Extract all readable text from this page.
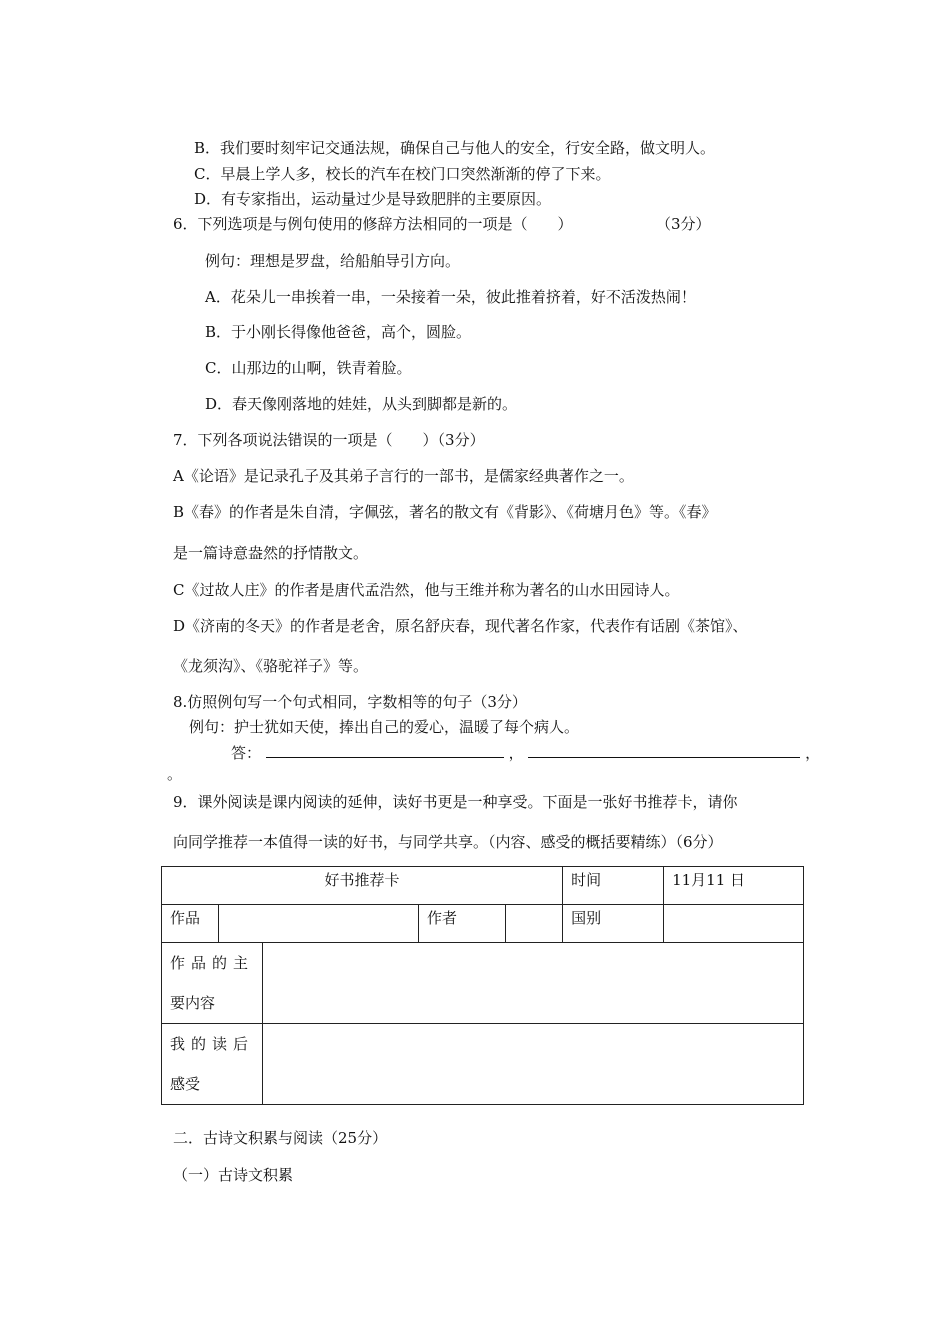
B．我们要时刻牢记交通法规，确保自己与他人的安全，行安全路，做文明人。
C．早晨上学人多，校长的汽车在校门口突然渐渐的停了下来。
D．有专家指出，运动量过少是导致肥胖的主要原因。
6．下列选项是与例句使用的修辞方法相同的一项是（　　）	（3分）
例句：理想是罗盘，给船舶导引方向。
A．花朵儿一串挨着一串，一朵接着一朵，彼此推着挤着，好不活泼热闹！
B．于小刚长得像他爸爸，高个，圆脸。
C．山那边的山啊，铁青着脸。
D．春天像刚落地的娃娃，从头到脚都是新的。
7．下列各项说法错误的一项是（　　）（3分）
A《论语》是记录孔子及其弟子言行的一部书，是儒家经典著作之一。
B《春》的作者是朱自清，字佩弦，著名的散文有《背影》、《荷塘月色》等。《春》
是一篇诗意盎然的抒情散文。
C《过故人庄》的作者是唐代孟浩然，他与王维并称为著名的山水田园诗人。
D《济南的冬天》的作者是老舍，原名舒庆春，现代著名作家，代表作有话剧《茶馆》、
《龙须沟》、《骆驼祥子》等。
8.仿照例句写一个句式相同，字数相等的句子（3分）
例句：护士犹如天使，捧出自己的爱心，温暖了每个病人。
答：	，	，
。
9．课外阅读是课内阅读的延伸，读好书更是一种享受。下面是一张好书推荐卡，请你
向同学推荐一本值得一读的好书，与同学共享。（内容、感受的概括要精练）（6分）
好书推荐卡					时间	11月11 日
作品			作者		国别	

作品的主
要内容						

我的读后
感受						

二．古诗文积累与阅读（25分）
（一）古诗文积累
